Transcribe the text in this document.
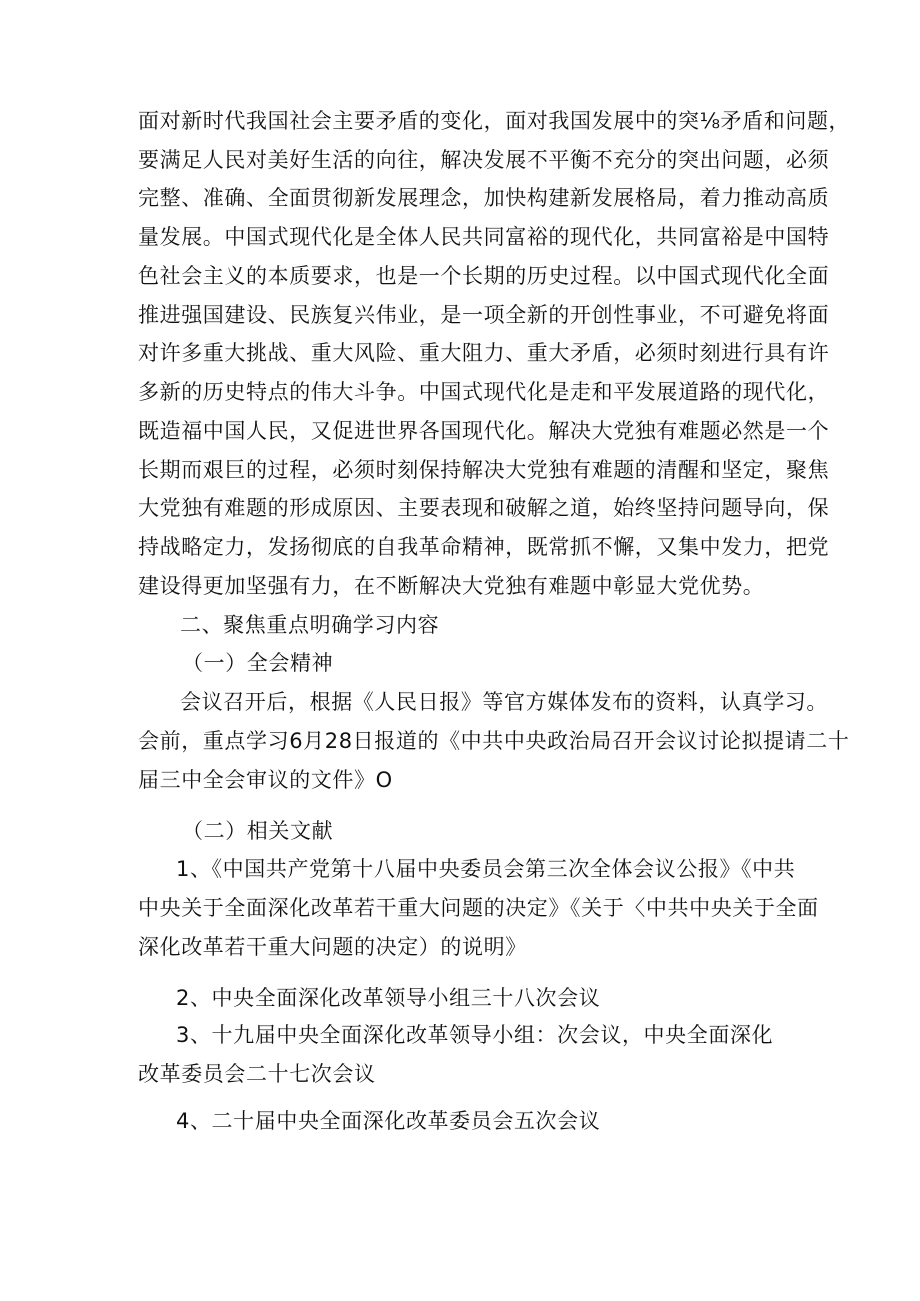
面对新时代我国社会主要矛盾的变化，面对我国发展中的突⅛矛盾和问题，
要满足人民对美好生活的向往，解决发展不平衡不充分的突出问题，必须
完整、准确、全面贯彻新发展理念，加快构建新发展格局，着力推动高质
量发展。中国式现代化是全体人民共同富裕的现代化，共同富裕是中国特
色社会主义的本质要求，也是一个长期的历史过程。以中国式现代化全面
推进强国建设、民族复兴伟业，是一项全新的开创性事业，不可避免将面
对许多重大挑战、重大风险、重大阻力、重大矛盾，必须时刻进行具有许
多新的历史特点的伟大斗争。中国式现代化是走和平发展道路的现代化，
既造福中国人民，又促进世界各国现代化。解决大党独有难题必然是一个
长期而艰巨的过程，必须时刻保持解决大党独有难题的清醒和坚定，聚焦
大党独有难题的形成原因、主要表现和破解之道，始终坚持问题导向，保
持战略定力，发扬彻底的自我革命精神，既常抓不懈，又集中发力，把党
建设得更加坚强有力，在不断解决大党独有难题中彰显大党优势。
二、聚焦重点明确学习内容
（一）全会精神
会议召开后，根据《人民日报》等官方媒体发布的资料，认真学习。
会前，重点学习6月28日报道的《中共中央政治局召开会议讨论拟提请二十
届三中全会审议的文件》O
（二）相关文献
1、《中国共产党第十八届中央委员会第三次全体会议公报》《中共
中央关于全面深化改革若干重大问题的决定》《关于〈中共中央关于全面
深化改革若干重大问题的决定）的说明》
2、中央全面深化改革领导小组三十八次会议
3、十九届中央全面深化改革领导小组：次会议，中央全面深化
改革委员会二十七次会议
4、二十届中央全面深化改革委员会五次会议
